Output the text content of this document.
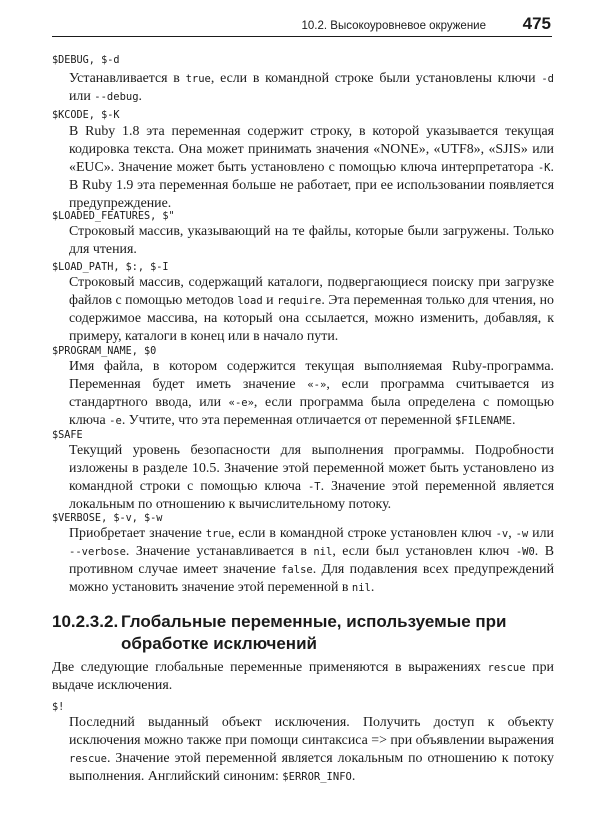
10.2. Высокоуровневое окружение 475
$DEBUG, $-d
Устанавливается в true, если в командной строке были установлены ключи -d или --debug.
$KCODE, $-K
В Ruby 1.8 эта переменная содержит строку, в которой указывается текущая кодировка текста. Она может принимать значения «NONE», «UTF8», «SJIS» или «EUC». Значение может быть установлено с помощью ключа интерпретатора -K. В Ruby 1.9 эта переменная больше не работает, при ее использовании появляется предупреждение.
$LOADED_FEATURES, $"
Строковый массив, указывающий на те файлы, которые были загружены. Только для чтения.
$LOAD_PATH, $:, $-I
Строковый массив, содержащий каталоги, подвергающиеся поиску при загрузке файлов с помощью методов load и require. Эта переменная только для чтения, но содержимое массива, на который она ссылается, можно изменить, добавляя, к примеру, каталоги в конец или в начало пути.
$PROGRAM_NAME, $0
Имя файла, в котором содержится текущая выполняемая Ruby-программа. Переменная будет иметь значение «-», если программа считывается из стандартного ввода, или «-e», если программа была определена с помощью ключа -e. Учтите, что эта переменная отличается от переменной $FILENAME.
$SAFE
Текущий уровень безопасности для выполнения программы. Подробности изложены в разделе 10.5. Значение этой переменной может быть установлено из командной строки с помощью ключа -T. Значение этой переменной является локальным по отношению к вычислительному потоку.
$VERBOSE, $-v, $-w
Приобретает значение true, если в командной строке установлен ключ -v, -w или --verbose. Значение устанавливается в nil, если был установлен ключ -W0. В противном случае имеет значение false. Для подавления всех предупреждений можно установить значение этой переменной в nil.
10.2.3.2. Глобальные переменные, используемые при
обработке исключений
Две следующие глобальные переменные применяются в выражениях rescue при выдаче исключения.
$!
Последний выданный объект исключения. Получить доступ к объекту исключения можно также при помощи синтаксиса => при объявлении выражения rescue. Значение этой переменной является локальным по отношению к потоку выполнения. Английский синоним: $ERROR_INFO.
